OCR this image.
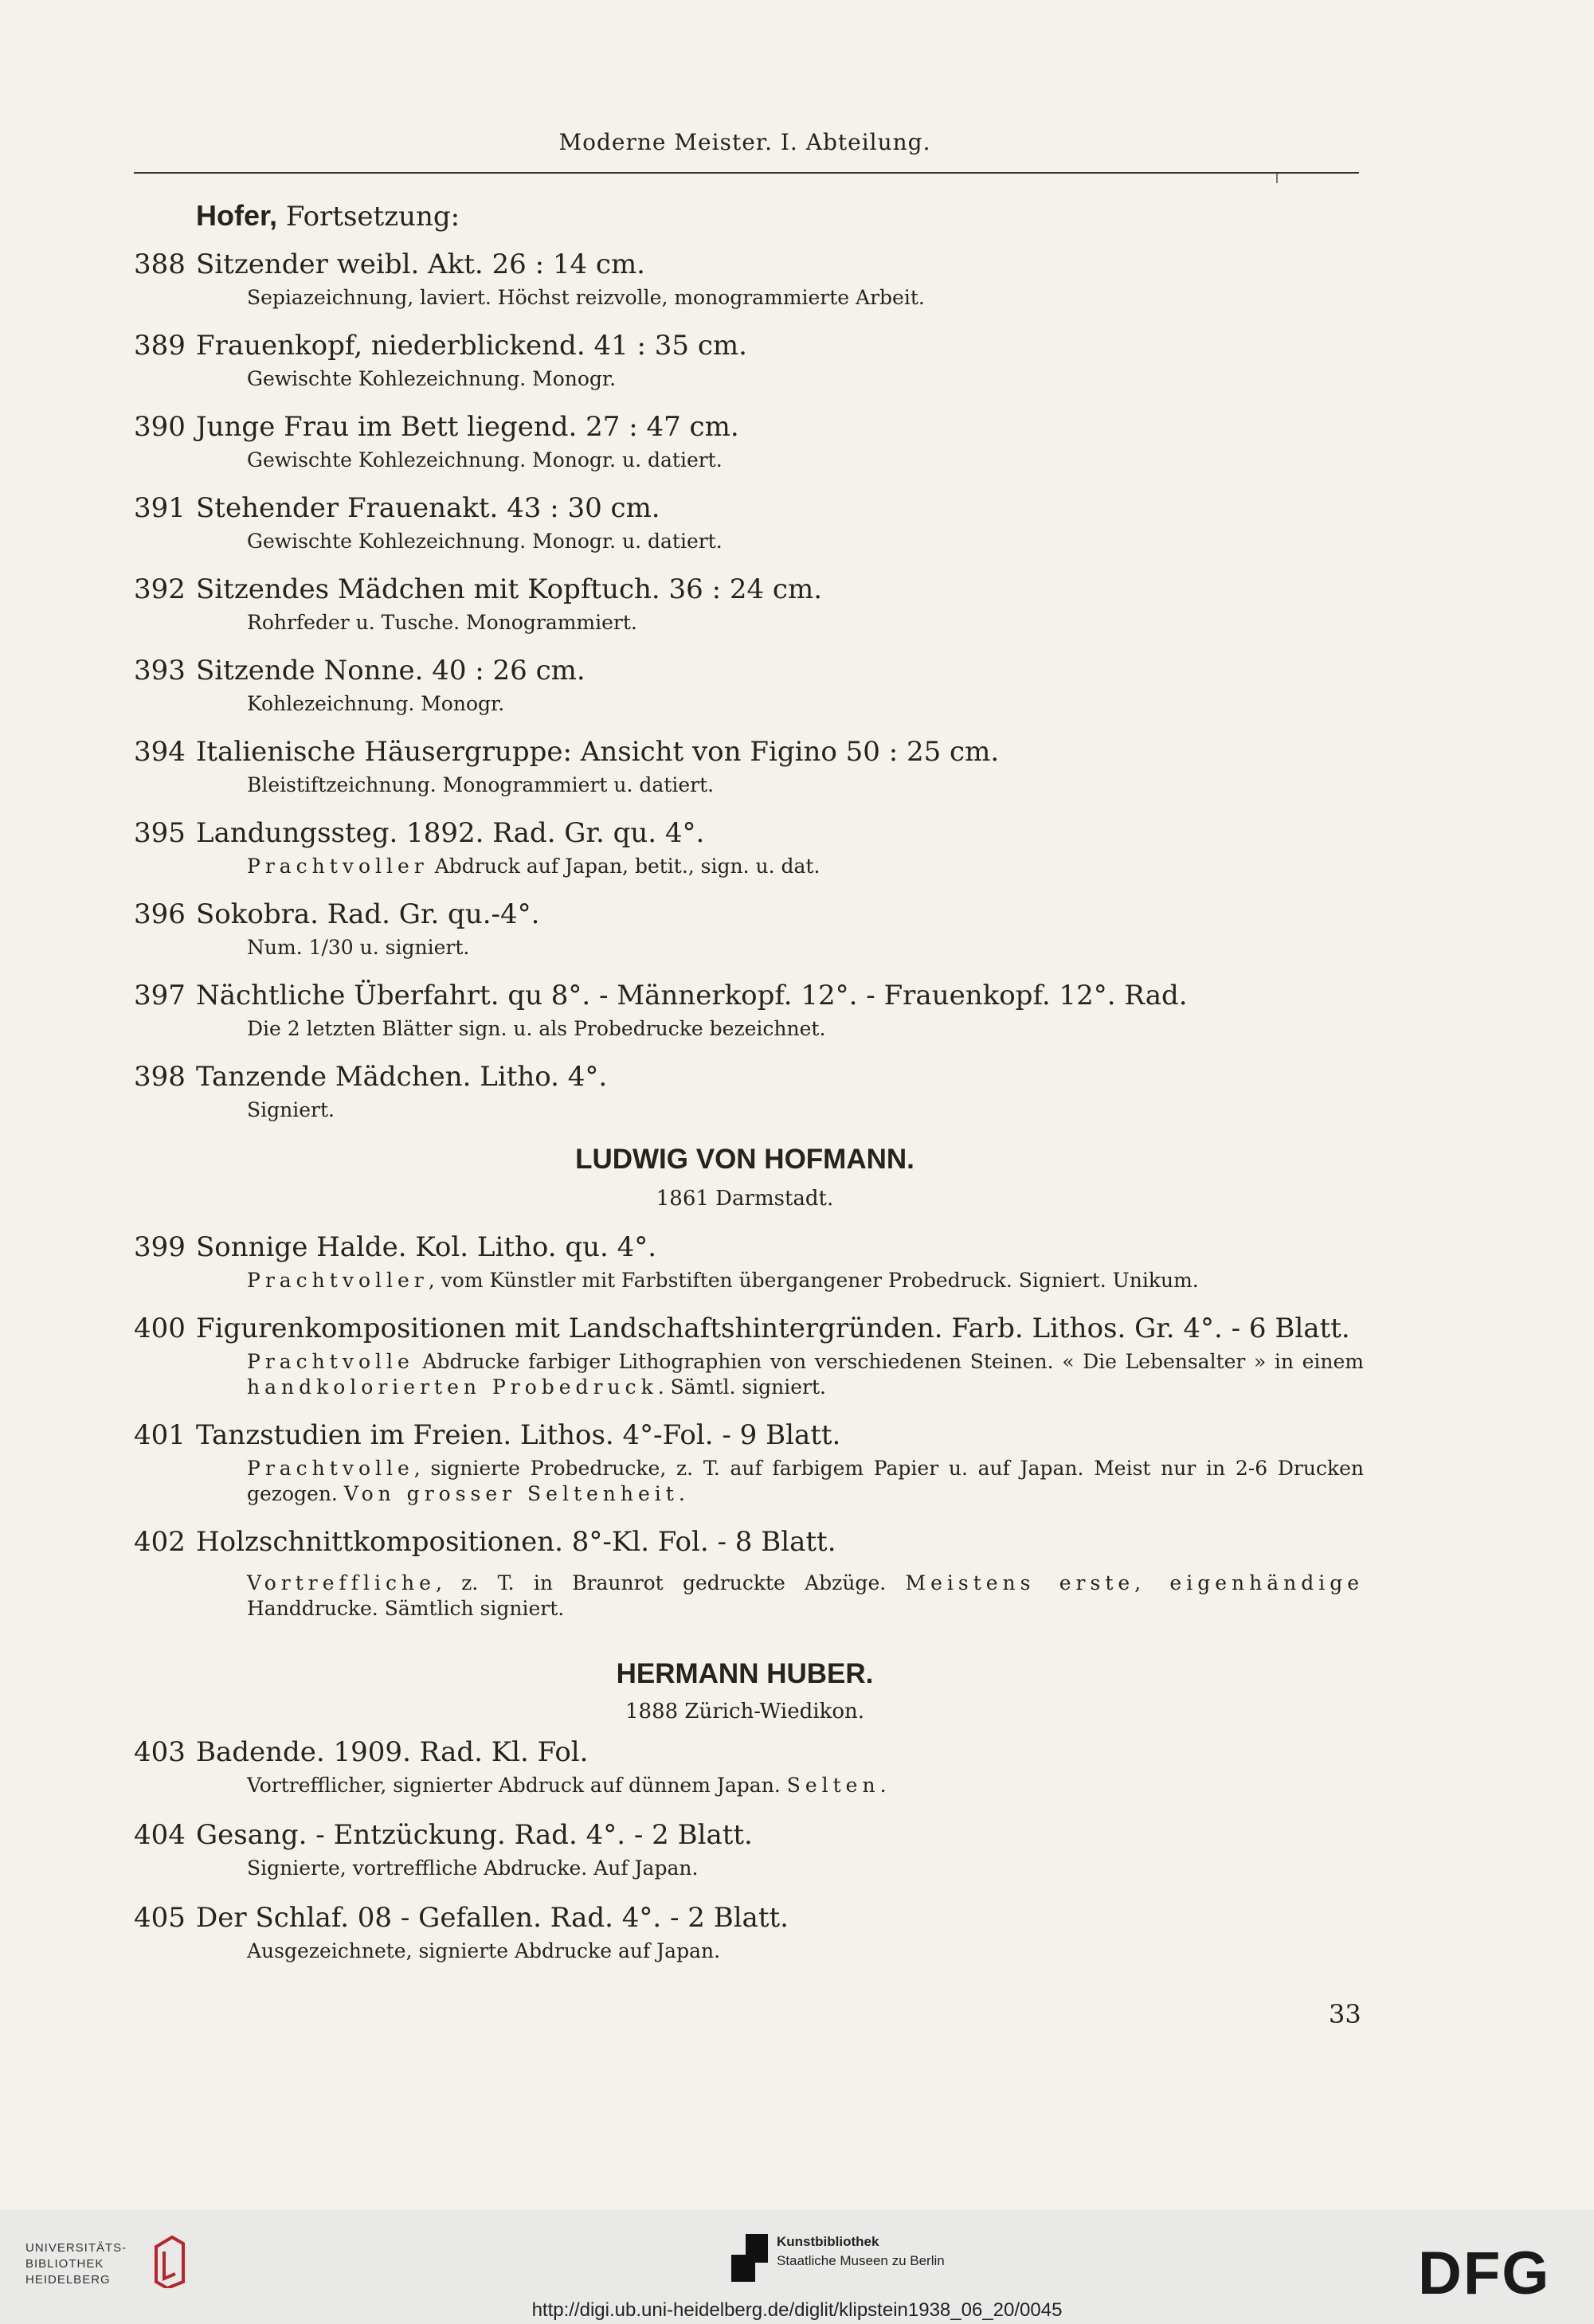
Moderne Meister. I. Abteilung.
Hofer, Fortsetzung:
388 Sitzender weibl. Akt. 26 : 14 cm.
Sepiazeichnung, laviert. Höchst reizvolle, monogrammierte Arbeit.
389 Frauenkopf, niederblickend. 41 : 35 cm.
Gewischte Kohlezeichnung. Monogr.
390 Junge Frau im Bett liegend. 27 : 47 cm.
Gewischte Kohlezeichnung. Monogr. u. datiert.
391 Stehender Frauenakt. 43 : 30 cm.
Gewischte Kohlezeichnung. Monogr. u. datiert.
392 Sitzendes Mädchen mit Kopftuch. 36 : 24 cm.
Rohrfeder u. Tusche. Monogrammiert.
393 Sitzende Nonne. 40 : 26 cm.
Kohlezeichnung. Monogr.
394 Italienische Häusergruppe: Ansicht von Figino 50 : 25 cm.
Bleistiftzeichnung. Monogrammiert u. datiert.
395 Landungssteg. 1892. Rad. Gr. qu. 4°.
Prachtvoller Abdruck auf Japan, betit., sign. u. dat.
396 Sokobra. Rad. Gr. qu.-4°.
Num. 1/30 u. signiert.
397 Nächtliche Überfahrt. qu 8°. - Männerkopf. 12°. - Frauenkopf. 12°. Rad.
Die 2 letzten Blätter sign. u. als Probedrucke bezeichnet.
398 Tanzende Mädchen. Litho. 4°.
Signiert.
LUDWIG VON HOFMANN.
1861 Darmstadt.
399 Sonnige Halde. Kol. Litho. qu. 4°.
Prachtvoller, vom Künstler mit Farbstiften übergangener Probedruck. Signiert. Unikum.
400 Figurenkompositionen mit Landschaftshintergründen. Farb. Lithos. Gr. 4°. - 6 Blatt.
Prachtvolle Abdrucke farbiger Lithographien von verschiedenen Steinen. « Die Lebensalter » in einem handkolorierten Probedruck. Sämtl. signiert.
401 Tanzstudien im Freien. Lithos. 4°-Fol. - 9 Blatt.
Prachtvolle, signierte Probedrucke, z. T. auf farbigem Papier u. auf Japan. Meist nur in 2-6 Drucken gezogen. Von grosser Seltenheit.
402 Holzschnittkompositionen. 8°-Kl. Fol. - 8 Blatt.
Vortreffliche, z. T. in Braunrot gedruckte Abzüge. Meistens erste, eigenhändige Handdrucke. Sämtlich signiert.
HERMANN HUBER.
1888 Zürich-Wiedikon.
403 Badende. 1909. Rad. Kl. Fol.
Vortrefflicher, signierter Abdruck auf dünnem Japan. Selten.
404 Gesang. - Entzückung. Rad. 4°. - 2 Blatt.
Signierte, vortreffliche Abdrucke. Auf Japan.
405 Der Schlaf. 08 - Gefallen. Rad. 4°. - 2 Blatt.
Ausgezeichnete, signierte Abdrucke auf Japan.
33
UNIVERSITÄTS-
BIBLIOTHEK
HEIDELBERG
Kunstbibliothek
Staatliche Museen zu Berlin	DFG
http://digi.ub.uni-heidelberg.de/diglit/klipstein1938_06_20/0045
